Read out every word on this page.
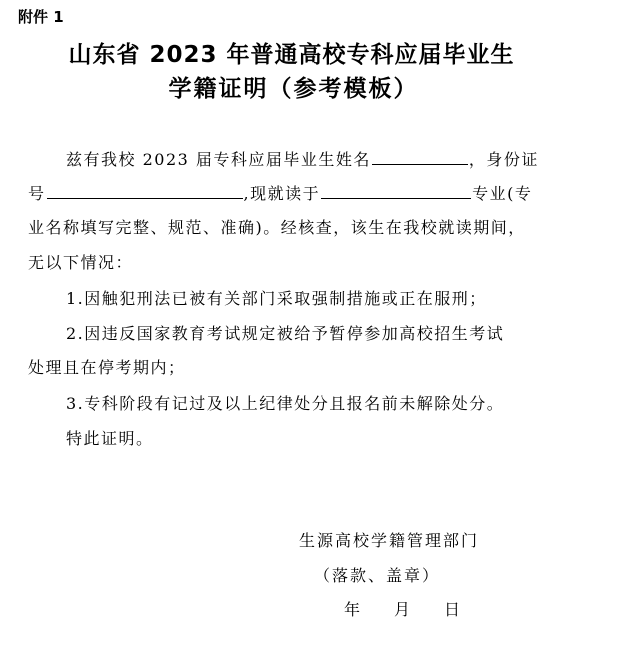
附件 1
山东省 2023 年普通高校专科应届毕业生
学籍证明（参考模板）
兹有我校 2023 届专科应届毕业生姓名	，身份证
号	,现就读于	专业(专
业名称填写完整、规范、准确)。经核查，该生在我校就读期间，
无以下情况：
1.因触犯刑法已被有关部门采取强制措施或正在服刑；
2.因违反国家教育考试规定被给予暂停参加高校招生考试
处理且在停考期内；
3.专科阶段有记过及以上纪律处分且报名前未解除处分。
特此证明。
生源高校学籍管理部门
（落款、盖章）
年 月 日
